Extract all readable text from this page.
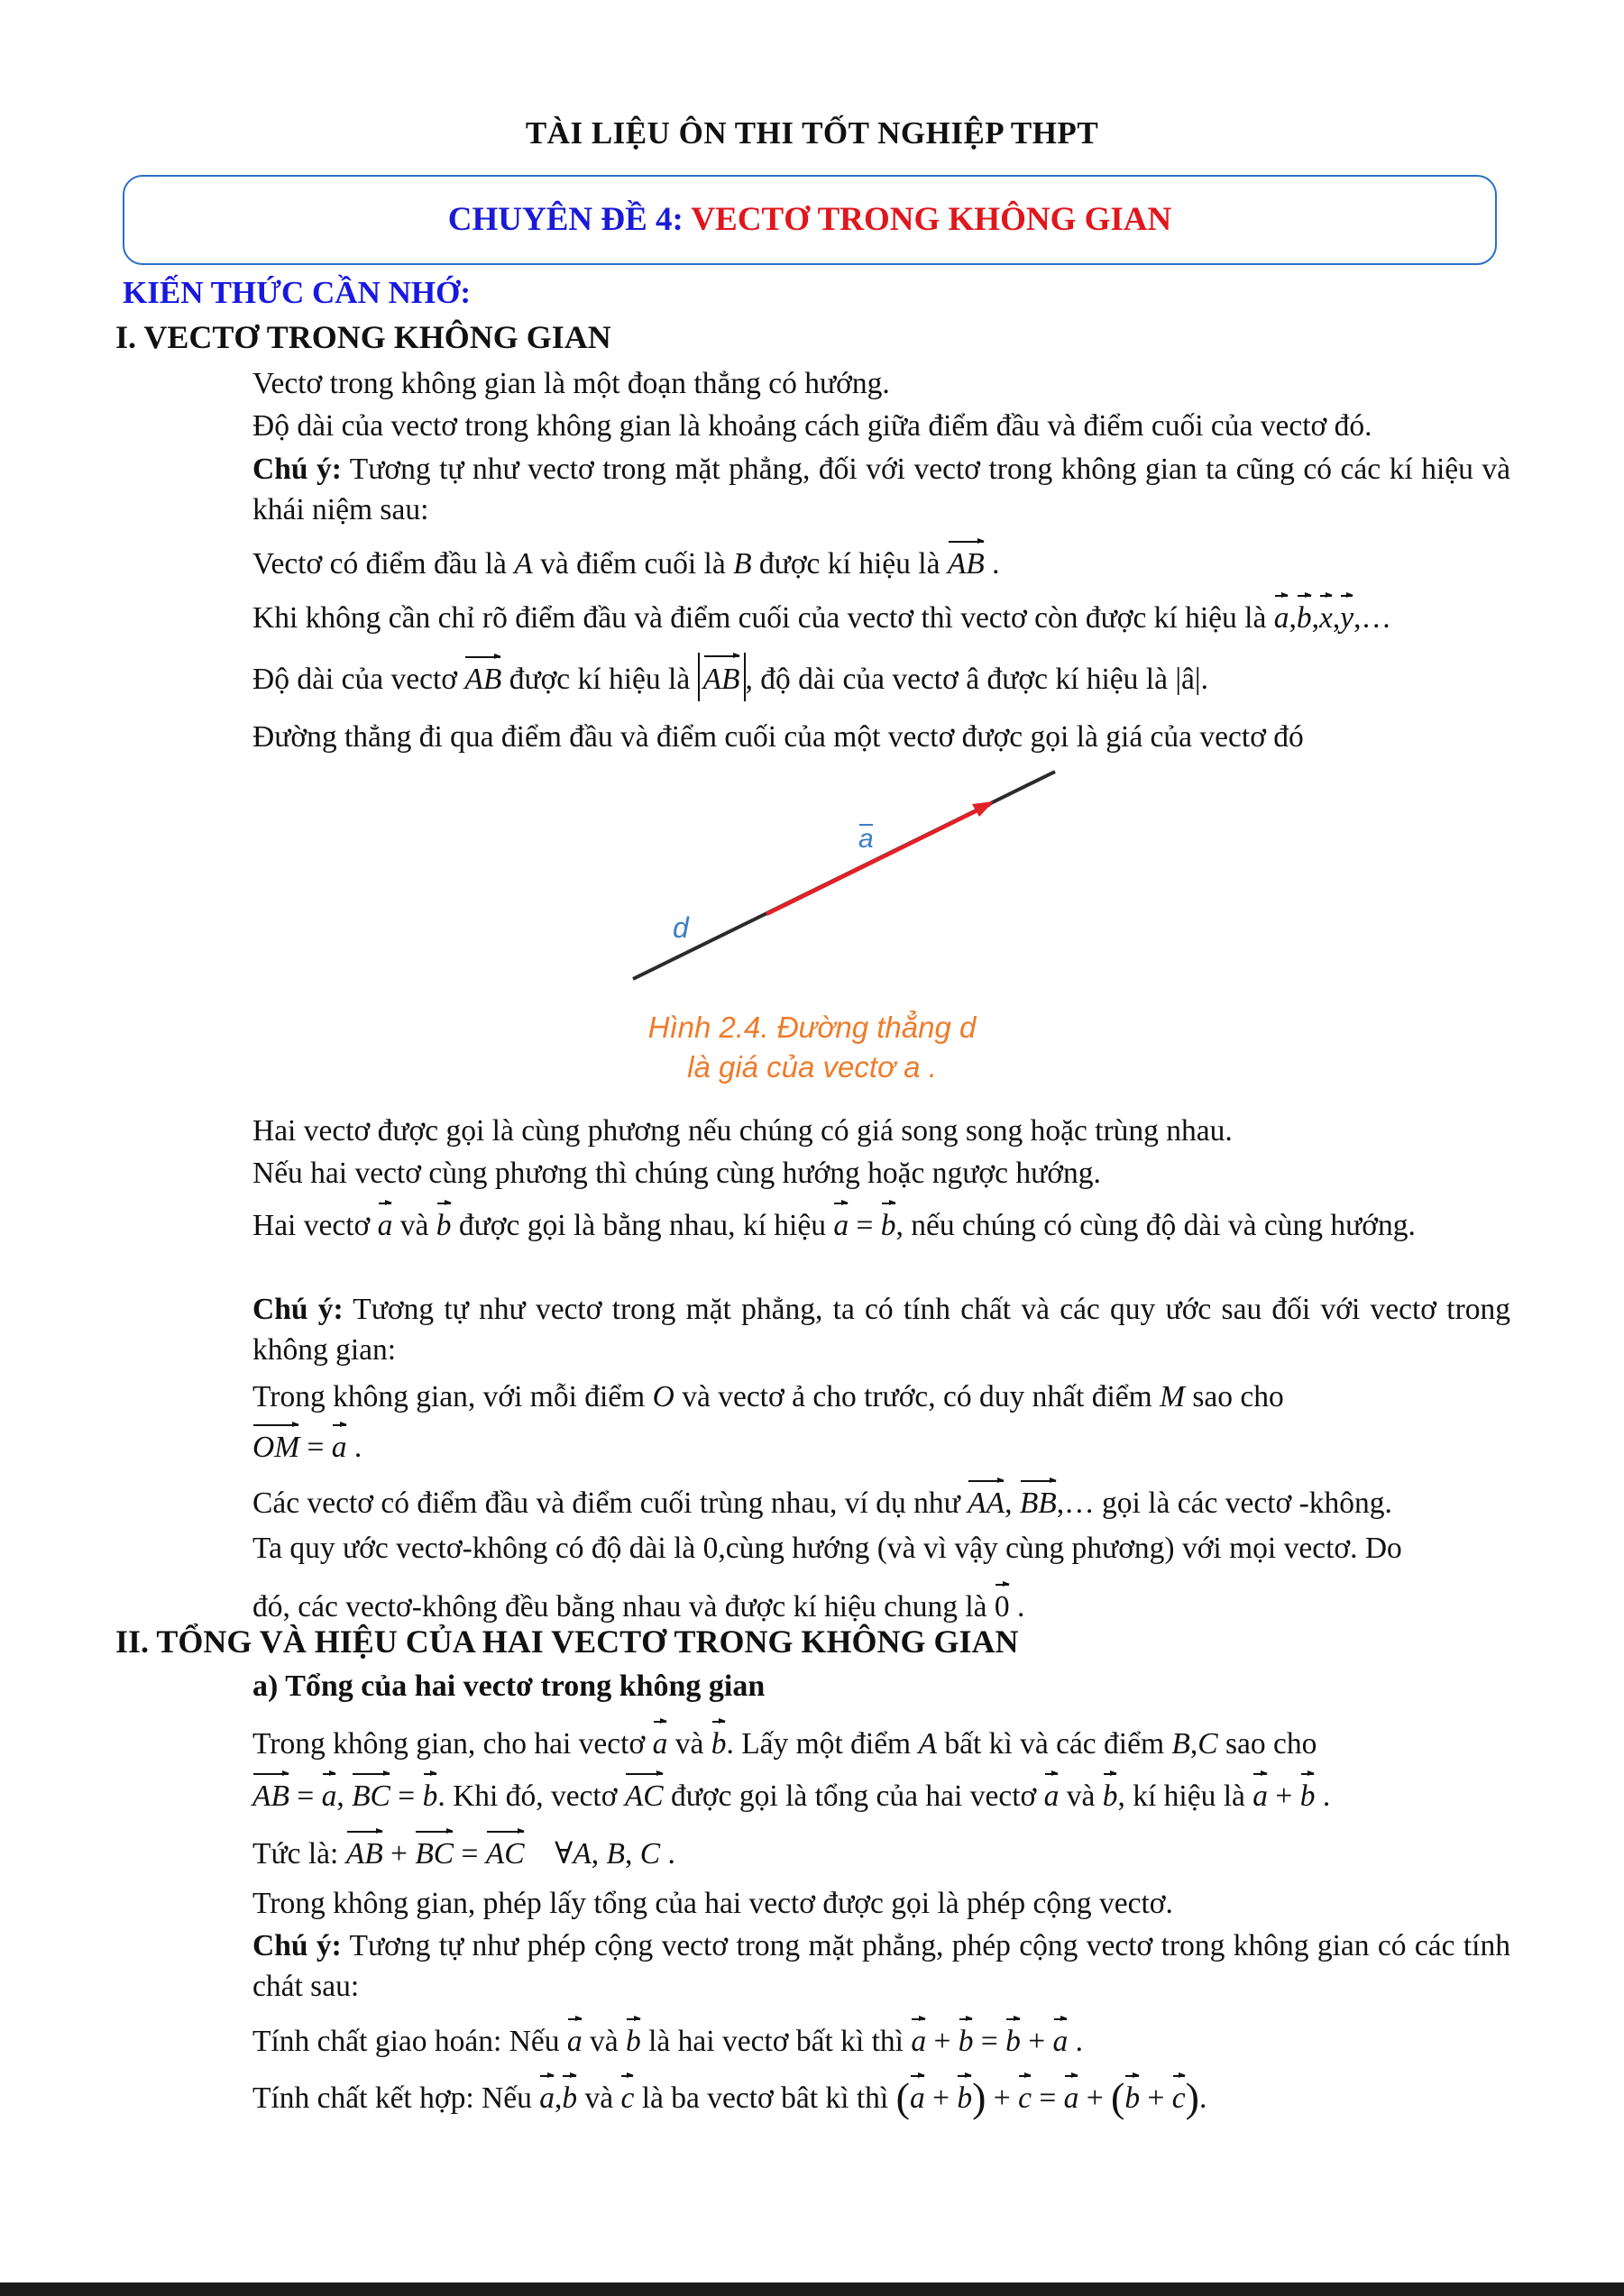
TÀI LIỆU ÔN THI TỐT NGHIỆP THPT
CHUYÊN ĐỀ 4: VECTƠ TRONG KHÔNG GIAN
KIẾN THỨC CẦN NHỚ:
I. VECTƠ TRONG KHÔNG GIAN
Vectơ trong không gian là một đoạn thẳng có hướng.
Độ dài của vectơ trong không gian là khoảng cách giữa điểm đầu và điểm cuối của vectơ đó.
Chú ý: Tương tự như vectơ trong mặt phẳng, đối với vectơ trong không gian ta cũng có các kí hiệu và khái niệm sau:
Vectơ có điểm đầu là A và điểm cuối là B được kí hiệu là AB .
Khi không cần chỉ rõ điểm đầu và điểm cuối của vectơ thì vectơ còn được kí hiệu là a,b,x,y,…
Độ dài của vectơ AB được kí hiệu là AB , độ dài của vectơ â được kí hiệu là |â|.
Đường thẳng đi qua điểm đầu và điểm cuối của một vectơ được gọi là giá của vectơ đó
a
d
Hình 2.4. Đường thẳng d
là giá của vectơ a .
Hai vectơ được gọi là cùng phương nếu chúng có giá song song hoặc trùng nhau.
Nếu hai vectơ cùng phương thì chúng cùng hướng hoặc ngược hướng.
Hai vectơ a và b được gọi là bằng nhau, kí hiệu a = b, nếu chúng có cùng độ dài và cùng hướng.
Chú ý: Tương tự như vectơ trong mặt phẳng, ta có tính chất và các quy ước sau đối với vectơ trong không gian:
Trong không gian, với mỗi điểm O và vectơ ả cho trước, có duy nhất điểm M sao cho
OM = a .
Các vectơ có điểm đầu và điểm cuối trùng nhau, ví dụ như AA, BB,… gọi là các vectơ -không.
Ta quy ước vectơ-không có độ dài là 0,cùng hướng (và vì vậy cùng phương) với mọi vectơ. Do
đó, các vectơ-không đều bằng nhau và được kí hiệu chung là 0 .
II. TỔNG VÀ HIỆU CỦA HAI VECTƠ TRONG KHÔNG GIAN
a) Tổng của hai vectơ trong không gian
Trong không gian, cho hai vectơ a và b. Lấy một điểm A bất kì và các điểm B,C sao cho
AB = a, BC = b. Khi đó, vectơ AC được gọi là tổng của hai vectơ a và b, kí hiệu là a + b .
Tức là: AB + BC = AC    ∀A, B, C .
Trong không gian, phép lấy tổng của hai vectơ được gọi là phép cộng vectơ.
Chú ý: Tương tự như phép cộng vectơ trong mặt phẳng, phép cộng vectơ trong không gian có các tính chát sau:
Tính chất giao hoán: Nếu a và b là hai vectơ bất kì thì a + b = b + a .
Tính chất kết hợp: Nếu a,b và c là ba vectơ bât kì thì (a + b) + c = a + (b + c).
